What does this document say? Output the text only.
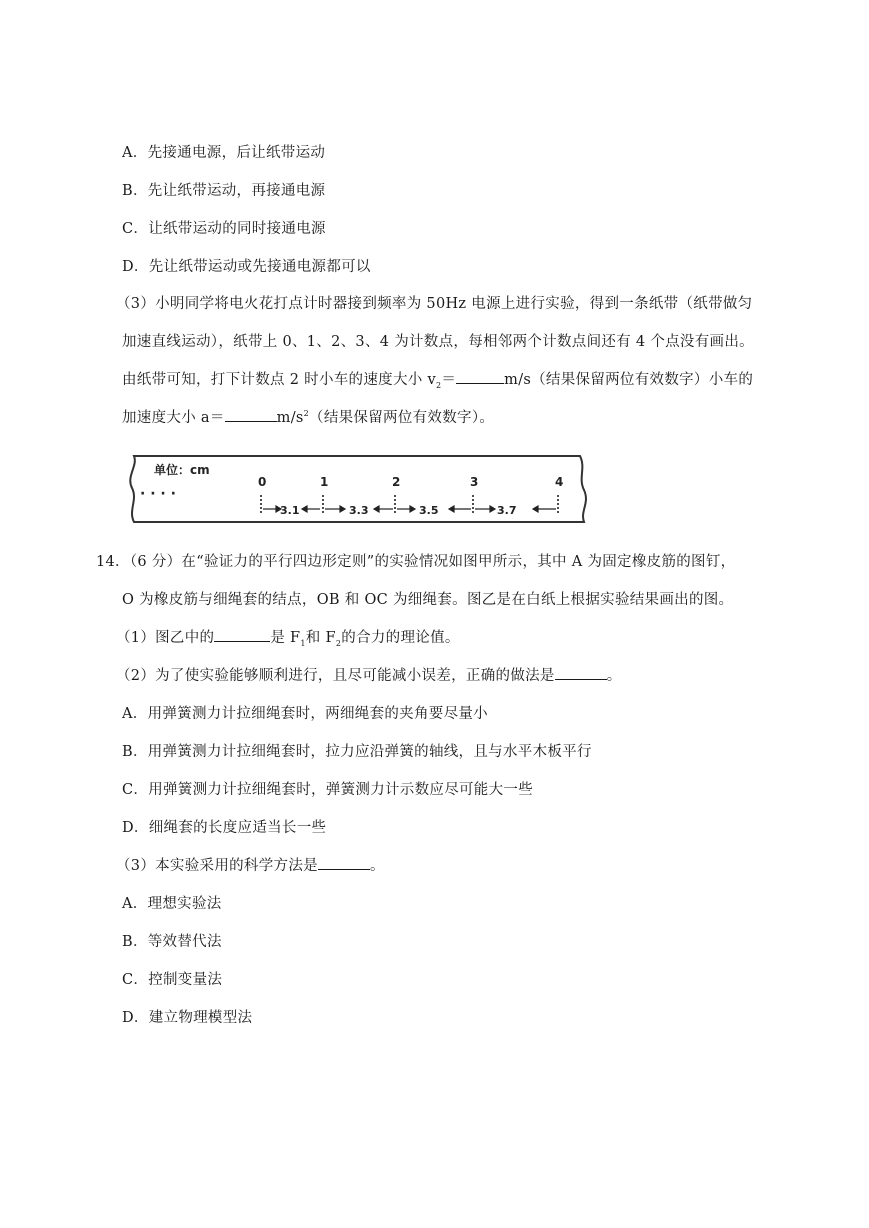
A．先接通电源，后让纸带运动
B．先让纸带运动，再接通电源
C．让纸带运动的同时接通电源
D．先让纸带运动或先接通电源都可以
（3）小明同学将电火花打点计时器接到频率为 50Hz 电源上进行实验，得到一条纸带（纸带做匀
加速直线运动），纸带上 0、1、2、3、4 为计数点，每相邻两个计数点间还有 4 个点没有画出。
由纸带可知，打下计数点 2 时小车的速度大小 $v_2=$	m/s（结果保留两位有效数字）小车的
加速度大小 a＝	$m/s^2$（结果保留两位有效数字）。
单位：cm
· · · ·
0	1	2	3	4
3.1	3.3	3.5	3.7
14．（6 分）在“验证力的平行四边形定则”的实验情况如图甲所示，其中 A 为固定橡皮筋的图钉，
O 为橡皮筋与细绳套的结点，OB 和 OC 为细绳套。图乙是在白纸上根据实验结果画出的图。
（1）图乙中的	是 $F_1$和 $F_2$的合力的理论值。
（2）为了使实验能够顺利进行，且尽可能减小误差，正确的做法是	。
A．用弹簧测力计拉细绳套时，两细绳套的夹角要尽量小
B．用弹簧测力计拉细绳套时，拉力应沿弹簧的轴线，且与水平木板平行
C．用弹簧测力计拉细绳套时，弹簧测力计示数应尽可能大一些
D．细绳套的长度应适当长一些
（3）本实验采用的科学方法是	。
A．理想实验法
B．等效替代法
C．控制变量法
D．建立物理模型法
